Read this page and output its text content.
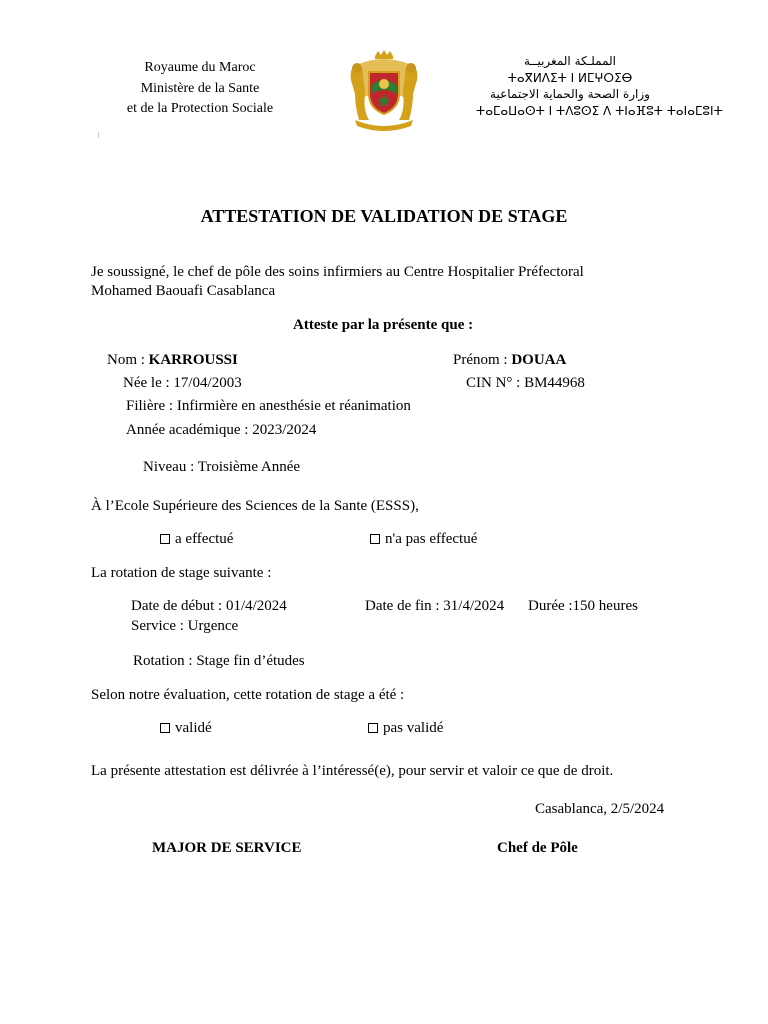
Royaume du Maroc
Ministère de la Sante
et de la Protection Sociale
المملـكة المغربيــة
ⵜⴰⴳⵍⴷⵉⵜ ⵏ ⵍⵎⵖⵔⵉⴱ
وزارة الصحة والحماية الاجتماعية
ⵜⴰⵎⴰⵡⴰⵙⵜ ⵏ ⵜⴷⵓⵙⵉ ⴷ ⵜⵏⴰⴼⵓⵜ ⵜⴰⵏⴰⵎⵓⵏⵜ
ATTESTATION DE VALIDATION DE STAGE
Je soussigné, le chef de pôle des soins infirmiers au Centre Hospitalier Préfectoral
Mohamed Baouafi Casablanca
Atteste par la présente que :
Nom : KARROUSSI	Prénom : DOUAA
Née le : 17/04/2003	CIN N° : BM44968
Filière : Infirmière en anesthésie et réanimation
Année académique : 2023/2024
Niveau : Troisième Année
À l’Ecole Supérieure des Sciences de la Sante (ESSS),
a effectué	n'a pas effectué
La rotation de stage suivante :
Date de début : 01/4/2024	Date de fin : 31/4/2024 Durée :150 heures
Service : Urgence
Rotation : Stage fin d’études
Selon notre évaluation, cette rotation de stage a été :
validé	pas validé
La présente attestation est délivrée à l’intéressé(e), pour servir et valoir ce que de droit.
Casablanca, 2/5/2024
MAJOR DE SERVICE	Chef de Pôle
